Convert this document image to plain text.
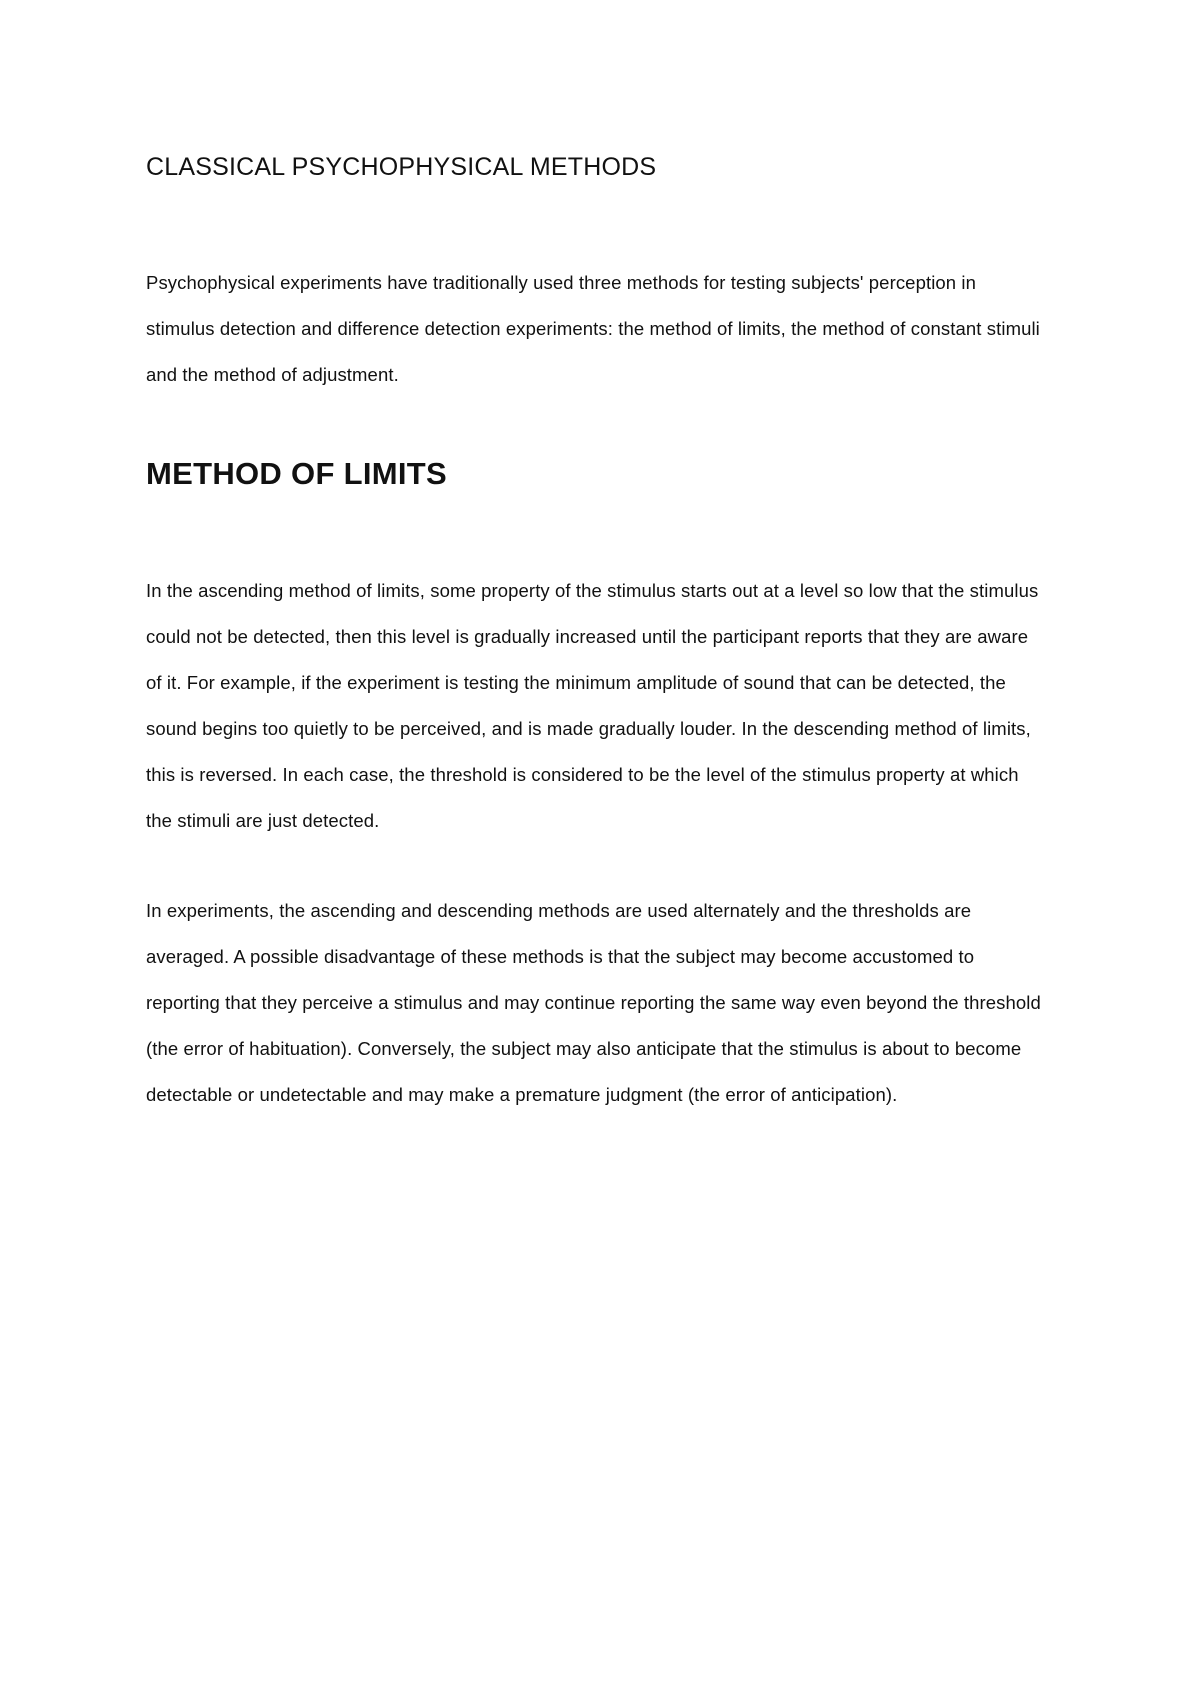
CLASSICAL PSYCHOPHYSICAL METHODS

Psychophysical experiments have traditionally used three methods for testing subjects' perception in stimulus detection and difference detection experiments: the method of limits, the method of constant stimuli and the method of adjustment.

METHOD OF LIMITS

In the ascending method of limits, some property of the stimulus starts out at a level so low that the stimulus could not be detected, then this level is gradually increased until the participant reports that they are aware of it. For example, if the experiment is testing the minimum amplitude of sound that can be detected, the sound begins too quietly to be perceived, and is made gradually louder. In the descending method of limits, this is reversed. In each case, the threshold is considered to be the level of the stimulus property at which the stimuli are just detected.

In experiments, the ascending and descending methods are used alternately and the thresholds are averaged. A possible disadvantage of these methods is that the subject may become accustomed to reporting that they perceive a stimulus and may continue reporting the same way even beyond the threshold (the error of habituation). Conversely, the subject may also anticipate that the stimulus is about to become detectable or undetectable and may make a premature judgment (the error of anticipation).
